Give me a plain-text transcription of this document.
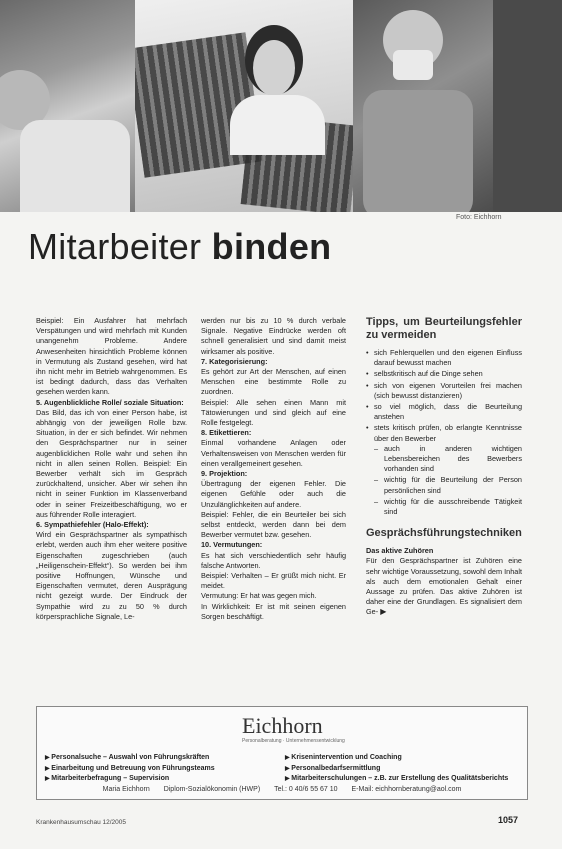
Foto: Eichhorn
Mitarbeiter binden

Beispiel: Ein Ausfahrer hat mehrfach Verspätungen und wird mehrfach mit Kunden unangenehm Probleme. Andere Anwesenheiten hinsichtlich Probleme können in Vermutung als Zustand gesehen, wird hat ihn nicht mehr im Betrieb wahrgenommen. Es ist bedingt dadurch, dass das Verhalten gesehen werden kann.

5. Augenblickliche Rolle/ soziale Situation:

Das Bild, das ich von einer Person habe, ist abhängig von der jeweiligen Rolle bzw. Situation, in der er sich befindet. Wir nehmen den Gesprächspartner nur in seiner augenblicklichen Rolle wahr und sehen ihn nicht in allen seinen Rollen. Beispiel: Ein Bewerber verhält sich im Gespräch zurückhaltend, unsicher. Aber wir sehen ihn nicht in seiner Funktion im Klassenverband oder in seiner Freizeitbeschäftigung, wo er aus führender Rolle interagiert.

6. Sympathiefehler (Halo-Effekt):

Wird ein Gesprächspartner als sympathisch erlebt, werden auch ihm eher weitere positive Eigenschaften zugeschrieben (auch „Heiligenschein-Effekt“). So werden bei ihm positive Hoffnungen, Wünsche und Eigenschaften vermutet, deren Ausprägung nicht gezeigt wurde. Der Eindruck der Sympathie wird zu zu 50 % durch körpersprachliche Signale, Le-

werden nur bis zu 10 % durch verbale Signale. Negative Eindrücke werden oft schnell generalisiert und sind damit meist wirksamer als positive.

7. Kategorisierung:

Es gehört zur Art der Menschen, auf einen Menschen eine bestimmte Rolle zu zuordnen.

Beispiel: Alle sehen einen Mann mit Tätowierungen und sind gleich auf eine Rolle festgelegt.

8. Etikettieren:

Einmal vorhandene Anlagen oder Verhaltensweisen von Menschen werden für einen verallgemeinert gesehen.

9. Projektion:

Übertragung der eigenen Fehler. Die eigenen Gefühle oder auch die Unzulänglichkeiten auf andere.

Beispiel: Fehler, die ein Beurteiler bei sich selbst entdeckt, werden dann bei dem Bewerber vermutet bzw. gesehen.

10. Vermutungen:

Es hat sich verschiedentlich sehr häufig falsche Antworten.

Beispiel: Verhalten – Er grüßt mich nicht. Er meidet.

Vermutung: Er hat was gegen mich.

In Wirklichkeit: Er ist mit seinen eigenen Sorgen beschäftigt.

Tipps, um Beurteilungsfehler zu vermeiden
• sich Fehlerquellen und den eigenen Einfluss darauf bewusst machen
• selbstkritisch auf die Dinge sehen
• sich von eigenen Vorurteilen frei machen (sich bewusst distanzieren)
• so viel möglich, dass die Beurteilung anstehen
• stets kritisch prüfen, ob erlangte Kenntnisse über den Bewerber
– auch in anderen wichtigen Lebensbereichen des Bewerbers vorhanden sind
– wichtig für die Beurteilung der Person persönlichen sind
– wichtig für die ausschreibende Tätigkeit sind
Gesprächsführungstechniken
Das aktive Zuhören

Für den Gesprächspartner ist Zuhören eine sehr wichtige Voraussetzung, sowohl dem Inhalt als auch dem emotionalen Gehalt einer Aussage zu prüfen. Das aktive Zuhören ist daher eine der Grundlagen. Es signalisiert dem Ge- ▶

Eichhorn
Personalberatung · Unternehmensentwicklung
▶ Personalsuche – Auswahl von Führungskräften
▶ Einarbeitung und Betreuung von Führungsteams
▶ Mitarbeiterbefragung – Supervision
▶ Krisenintervention und Coaching
▶ Personalbedarfsermittlung
▶ Mitarbeiterschulungen – z.B. zur Erstellung des Qualitätsberichts
Maria Eichhorn Diplom-Sozialökonomin (HWP) Tel.: 0 40/6 55 67 10 E-Mail: eichhornberatung@aol.com
Krankenhausumschau 12/2005	1057
